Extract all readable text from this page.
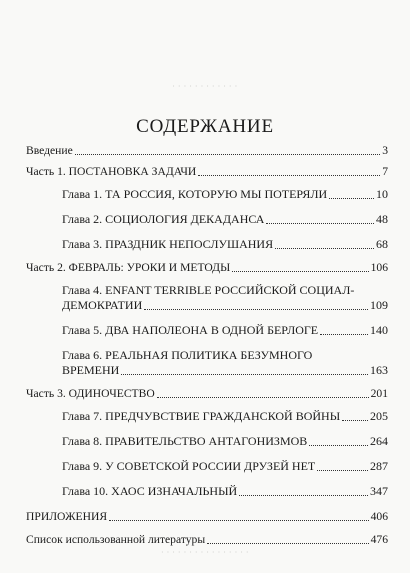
· · · · · · · · · · · ·
СОДЕРЖАНИЕ
Введение	3
Часть 1. ПОСТАНОВКА ЗАДАЧИ	7
Глава 1. ТА РОССИЯ, КОТОРУЮ МЫ ПОТЕРЯЛИ	10
Глава 2. СОЦИОЛОГИЯ ДЕКАДАНСА	48
Глава 3. ПРАЗДНИК НЕПОСЛУШАНИЯ	68
Часть 2. ФЕВРАЛЬ: УРОКИ И МЕТОДЫ	106
Глава 4. ENFANT TERRIBLE РОССИЙСКОЙ СОЦИАЛ-
ДЕМОКРАТИИ	109
Глава 5. ДВА НАПОЛЕОНА В ОДНОЙ БЕРЛОГЕ	140
Глава 6. РЕАЛЬНАЯ ПОЛИТИКА БЕЗУМНОГО
ВРЕМЕНИ	163
Часть 3. ОДИНОЧЕСТВО	201
Глава 7. ПРЕДЧУВСТВИЕ ГРАЖДАНСКОЙ ВОЙНЫ 205
Глава 8. ПРАВИТЕЛЬСТВО АНТАГОНИЗМОВ	264
Глава 9. У СОВЕТСКОЙ РОССИИ ДРУЗЕЙ НЕТ	287
Глава 10. ХАОС ИЗНАЧАЛЬНЫЙ	347
ПРИЛОЖЕНИЯ	406
Список использованной литературы	476
· · · · · · · · · · · · · · · ·
